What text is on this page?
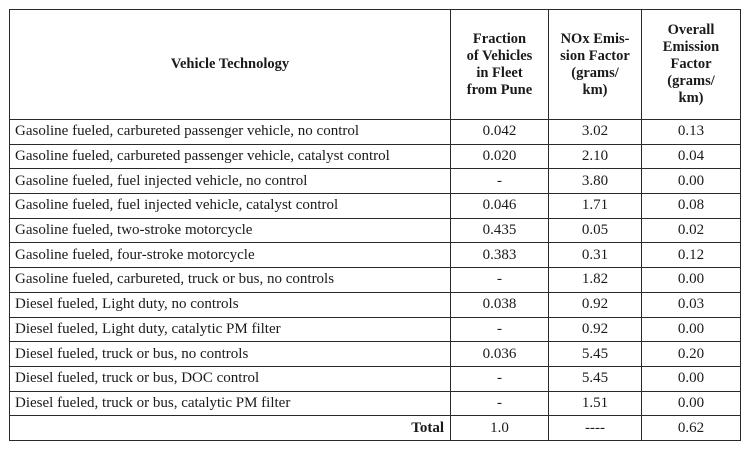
Vehicle Technology	Fraction
of Vehicles
in Fleet
from Pune	NOx Emis-
sion Factor
(grams/
km)	Overall
Emission
Factor
(grams/
km)
Gasoline fueled, carbureted passenger vehicle, no control	0.042	3.02	0.13
Gasoline fueled, carbureted passenger vehicle, catalyst control	0.020	2.10	0.04
Gasoline fueled, fuel injected vehicle, no control	-	3.80	0.00
Gasoline fueled, fuel injected vehicle, catalyst control	0.046	1.71	0.08
Gasoline fueled, two-stroke motorcycle	0.435	0.05	0.02
Gasoline fueled, four-stroke motorcycle	0.383	0.31	0.12
Gasoline fueled, carbureted, truck or bus, no controls	-	1.82	0.00
Diesel fueled, Light duty, no controls	0.038	0.92	0.03
Diesel fueled, Light duty, catalytic PM filter	-	0.92	0.00
Diesel fueled, truck or bus, no controls	0.036	5.45	0.20
Diesel fueled, truck or bus, DOC control	-	5.45	0.00
Diesel fueled, truck or bus, catalytic PM filter	-	1.51	0.00
Total	1.0	----	0.62
